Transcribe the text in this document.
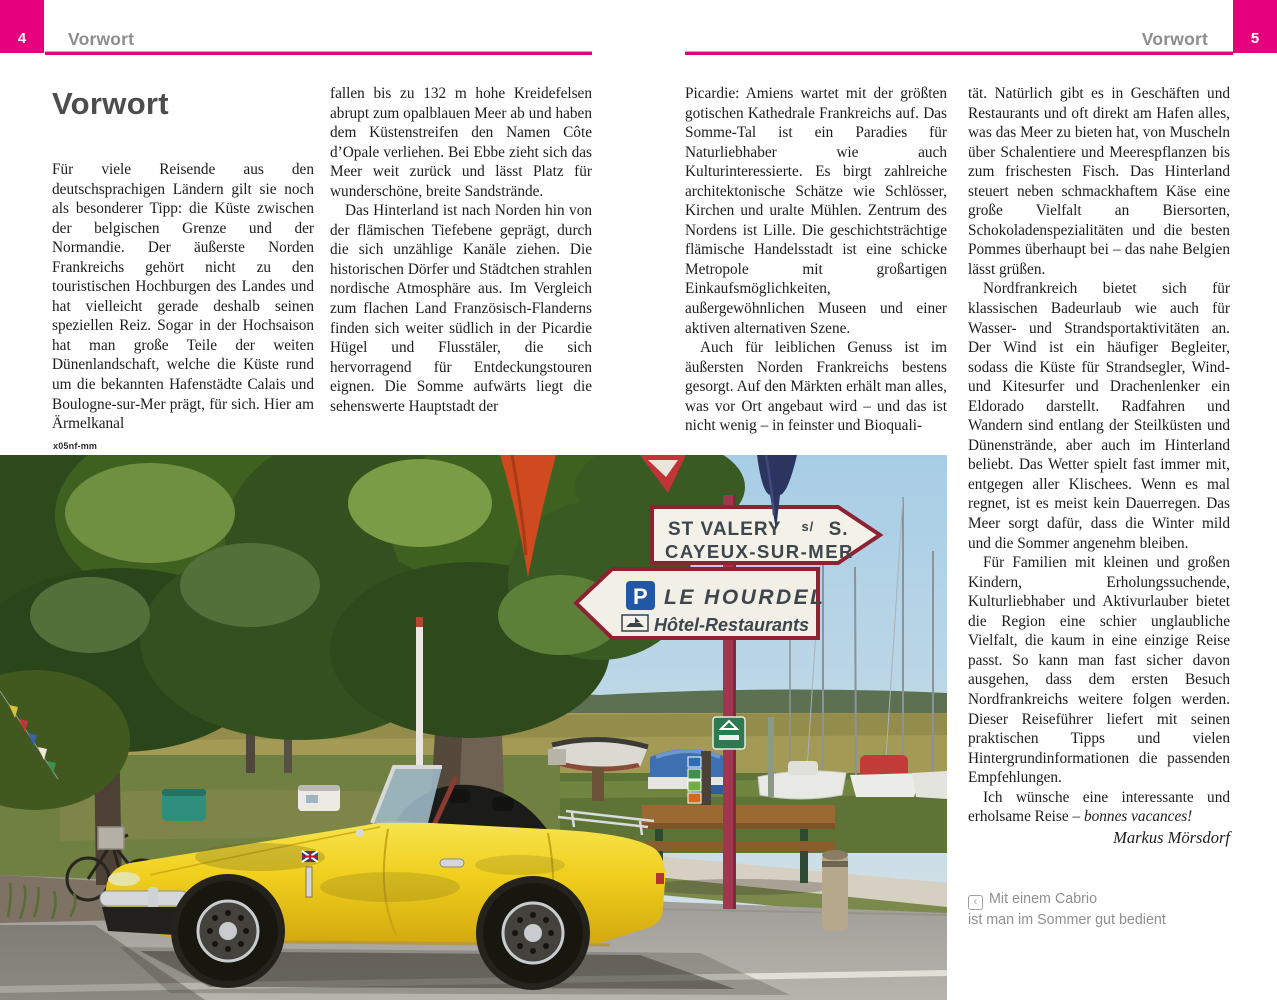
4	Vorwort	5
Vorwort
Vorwort

Für viele Reisende aus den deutschsprachigen Ländern gilt sie noch als besonderer Tipp: die Küste zwischen der belgischen Grenze und der Normandie. Der äußerste Norden Frankreichs gehört nicht zu den touristischen Hochburgen des Landes und hat vielleicht gerade deshalb seinen speziellen Reiz. Sogar in der Hochsaison hat man große Teile der weiten Dünenlandschaft, welche die Küste rund um die bekannten Hafenstädte Calais und Boulogne-sur-Mer prägt, für sich. Hier am Ärmelkanal

fallen bis zu 132 m hohe Kreidefelsen abrupt zum opalblauen Meer ab und haben dem Küstenstreifen den Namen Côte d’Opale verliehen. Bei Ebbe zieht sich das Meer weit zurück und lässt Platz für wunderschöne, breite Sandstrände.

Das Hinterland ist nach Norden hin von der flämischen Tiefebene geprägt, durch die sich unzählige Kanäle ziehen. Die historischen Dörfer und Städtchen strahlen nordische Atmosphäre aus. Im Vergleich zum flachen Land Französisch-Flanderns finden sich weiter südlich in der Picardie Hügel und Flusstäler, die sich hervorragend für Entdeckungstouren eignen. Die Somme aufwärts liegt die sehenswerte Hauptstadt der

Picardie: Amiens wartet mit der größten gotischen Kathedrale Frankreichs auf. Das Somme-Tal ist ein Paradies für Naturliebhaber wie auch Kulturinteressierte. Es birgt zahlreiche architektonische Schätze wie Schlösser, Kirchen und uralte Mühlen. Zentrum des Nordens ist Lille. Die geschichtsträchtige flämische Handelsstadt ist eine schicke Metropole mit großartigen Einkaufsmöglichkeiten, außergewöhnlichen Museen und einer aktiven alternativen Szene.

Auch für leiblichen Genuss ist im äußersten Norden Frankreichs bestens gesorgt. Auf den Märkten erhält man alles, was vor Ort angebaut wird – und das ist nicht wenig – in feinster und Bioquali-

tät. Natürlich gibt es in Geschäften und Restaurants und oft direkt am Hafen alles, was das Meer zu bieten hat, von Muscheln über Schalentiere und Meerespflanzen bis zum frischesten Fisch. Das Hinterland steuert neben schmackhaftem Käse eine große Vielfalt an Biersorten, Schokoladenspezialitäten und die besten Pommes überhaupt bei – das nahe Belgien lässt grüßen.

Nordfrankreich bietet sich für klassischen Badeurlaub wie auch für Wasser- und Strandsportaktivitäten an. Der Wind ist ein häufiger Begleiter, sodass die Küste für Strandsegler, Wind- und Kitesurfer und Drachenlenker ein Eldorado darstellt. Radfahren und Wandern sind entlang der Steilküsten und Dünenstrände, aber auch im Hinterland beliebt. Das Wetter spielt fast immer mit, entgegen aller Klischees. Wenn es mal regnet, ist es meist kein Dauerregen. Das Meer sorgt dafür, dass die Winter mild und die Sommer angenehm bleiben.

Für Familien mit kleinen und großen Kindern, Erholungssuchende, Kulturliebhaber und Aktivurlauber bietet die Region eine schier unglaubliche Vielfalt, die kaum in eine einzige Reise passt. So kann man fast sicher davon ausgehen, dass dem ersten Besuch Nordfrankreichs weitere folgen werden. Dieser Reiseführer liefert mit seinen praktischen Tipps und vielen Hintergrundinformationen die passenden Empfehlungen.

Ich wünsche eine interessante und erholsame Reise – bonnes vacances!

Markus Mörsdorf
‹ Mit einem Cabrio
ist man im Sommer gut bedient
x05nf-mm
ST VALERY $^{s/}$ S.
CAYEUX-SUR-MER
P LE HOURDEL
Hôtel-Restaurants
